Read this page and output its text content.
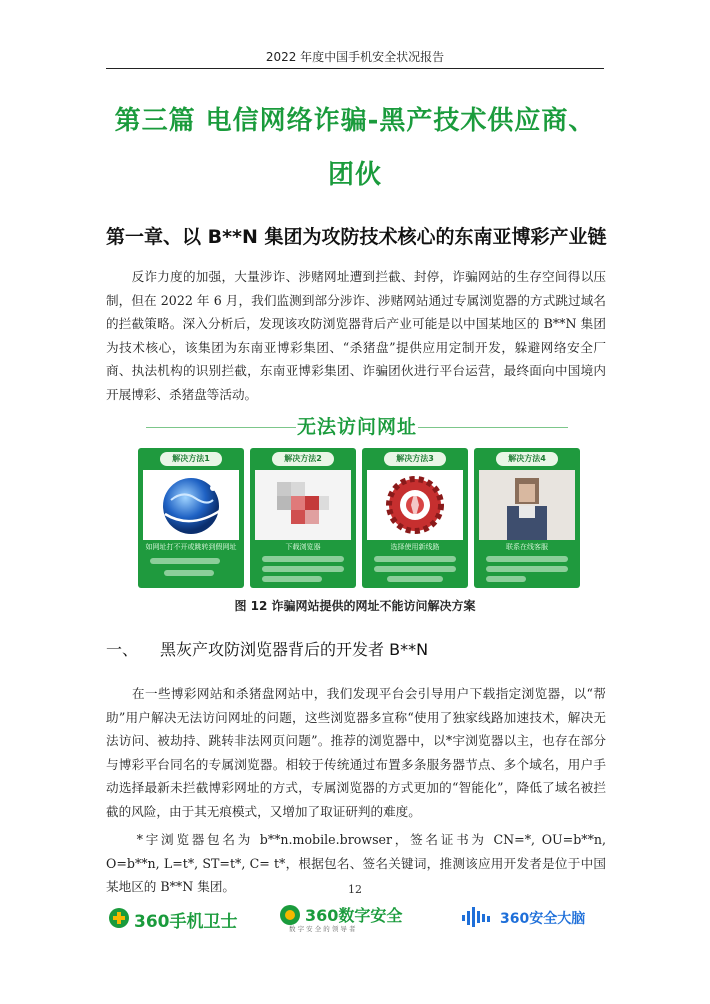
2022 年度中国手机安全状况报告
第三篇 电信网络诈骗-黑产技术供应商、
团伙
第一章、以 B**N 集团为攻防技术核心的东南亚博彩产业链
　　反诈力度的加强，大量涉诈、涉赌网址遭到拦截、封停，诈骗网站的生存空间得以压制，但在 2022 年 6 月，我们监测到部分涉诈、涉赌网站通过专属浏览器的方式跳过域名的拦截策略。深入分析后，发现该攻防浏览器背后产业可能是以中国某地区的 B**N 集团为技术核心，该集团为东南亚博彩集团、“杀猪盘”提供应用定制开发，躲避网络安全厂商、执法机构的识别拦截，东南亚博彩集团、诈骗团伙进行平台运营，最终面向中国境内开展博彩、杀猪盘等活动。
无法访问网址
解决方法1
如网址打不开或跳转到假网址
解决方法2
下载浏览器
解决方法3
选择使用新线路
解决方法4
联系在线客服
图 12 诈骗网站提供的网址不能访问解决方案
一、 黑灰产攻防浏览器背后的开发者 B**N
　　在一些博彩网站和杀猪盘网站中，我们发现平台会引导用户下载指定浏览器，以“帮助”用户解决无法访问网址的问题，这些浏览器多宣称“使用了独家线路加速技术，解决无法访问、被劫持、跳转非法网页问题”。推荐的浏览器中，以*宇浏览器以主，也存在部分与博彩平台同名的专属浏览器。相较于传统通过布置多条服务器节点、多个域名，用户手动选择最新未拦截博彩网址的方式，专属浏览器的方式更加的“智能化”，降低了域名被拦截的风险，由于其无痕模式，又增加了取证研判的难度。
　　*宇浏览器包名为 b**n.mobile.browser，签名证书为 CN=*, OU=b**n, O=b**n, L=t*, ST=t*, C= t*，根据包名、签名关键词，推测该应用开发者是位于中国某地区的 B**N 集团。	12
360手机卫士	360数字安全
数 字 安 全 的 领 导 者
360安全大脑
